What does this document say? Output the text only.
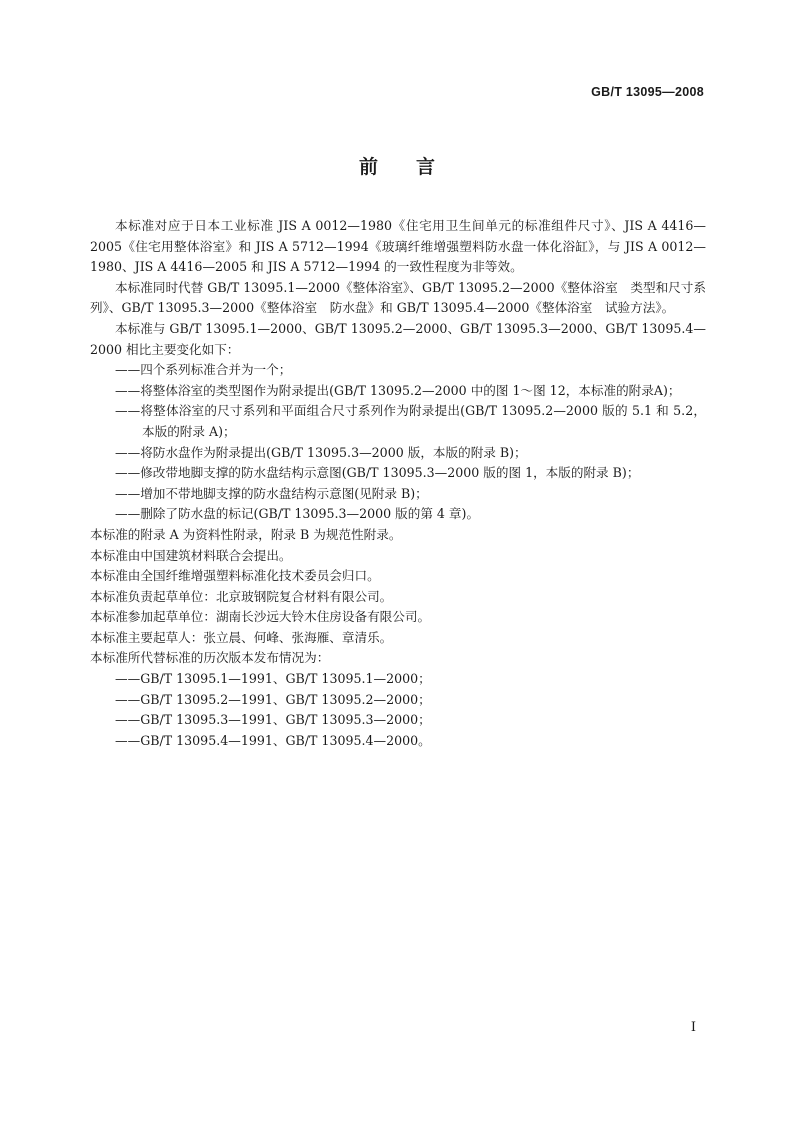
GB/T 13095—2008
前言

本标准对应于日本工业标准 JIS A 0012—1980《住宅用卫生间单元的标准组件尺寸》、JIS A 4416—2005《住宅用整体浴室》和 JIS A 5712—1994《玻璃纤维增强塑料防水盘一体化浴缸》，与 JIS A 0012—1980、JIS A 4416—2005 和 JIS A 5712—1994 的一致性程度为非等效。

本标准同时代替 GB/T 13095.1—2000《整体浴室》、GB/T 13095.2—2000《整体浴室　类型和尺寸系列》、GB/T 13095.3—2000《整体浴室　防水盘》和 GB/T 13095.4—2000《整体浴室　试验方法》。

本标准与 GB/T 13095.1—2000、GB/T 13095.2—2000、GB/T 13095.3—2000、GB/T 13095.4—2000 相比主要变化如下：

——四个系列标准合并为一个；

——将整体浴室的类型图作为附录提出(GB/T 13095.2—2000 中的图 1～图 12，本标准的附录A)；

——将整体浴室的尺寸系列和平面组合尺寸系列作为附录提出(GB/T 13095.2—2000 版的 5.1 和 5.2，本版的附录 A)；

——将防水盘作为附录提出(GB/T 13095.3—2000 版，本版的附录 B)；

——修改带地脚支撑的防水盘结构示意图(GB/T 13095.3—2000 版的图 1，本版的附录 B)；

——增加不带地脚支撑的防水盘结构示意图(见附录 B)；

——删除了防水盘的标记(GB/T 13095.3—2000 版的第 4 章)。

本标准的附录 A 为资料性附录，附录 B 为规范性附录。

本标准由中国建筑材料联合会提出。

本标准由全国纤维增强塑料标准化技术委员会归口。

本标准负责起草单位：北京玻钢院复合材料有限公司。

本标准参加起草单位：湖南长沙远大铃木住房设备有限公司。

本标准主要起草人：张立晨、何峰、张海雁、章清乐。

本标准所代替标准的历次版本发布情况为：

——GB/T 13095.1—1991、GB/T 13095.1—2000；

——GB/T 13095.2—1991、GB/T 13095.2—2000；

——GB/T 13095.3—1991、GB/T 13095.3—2000；

——GB/T 13095.4—1991、GB/T 13095.4—2000。

I
